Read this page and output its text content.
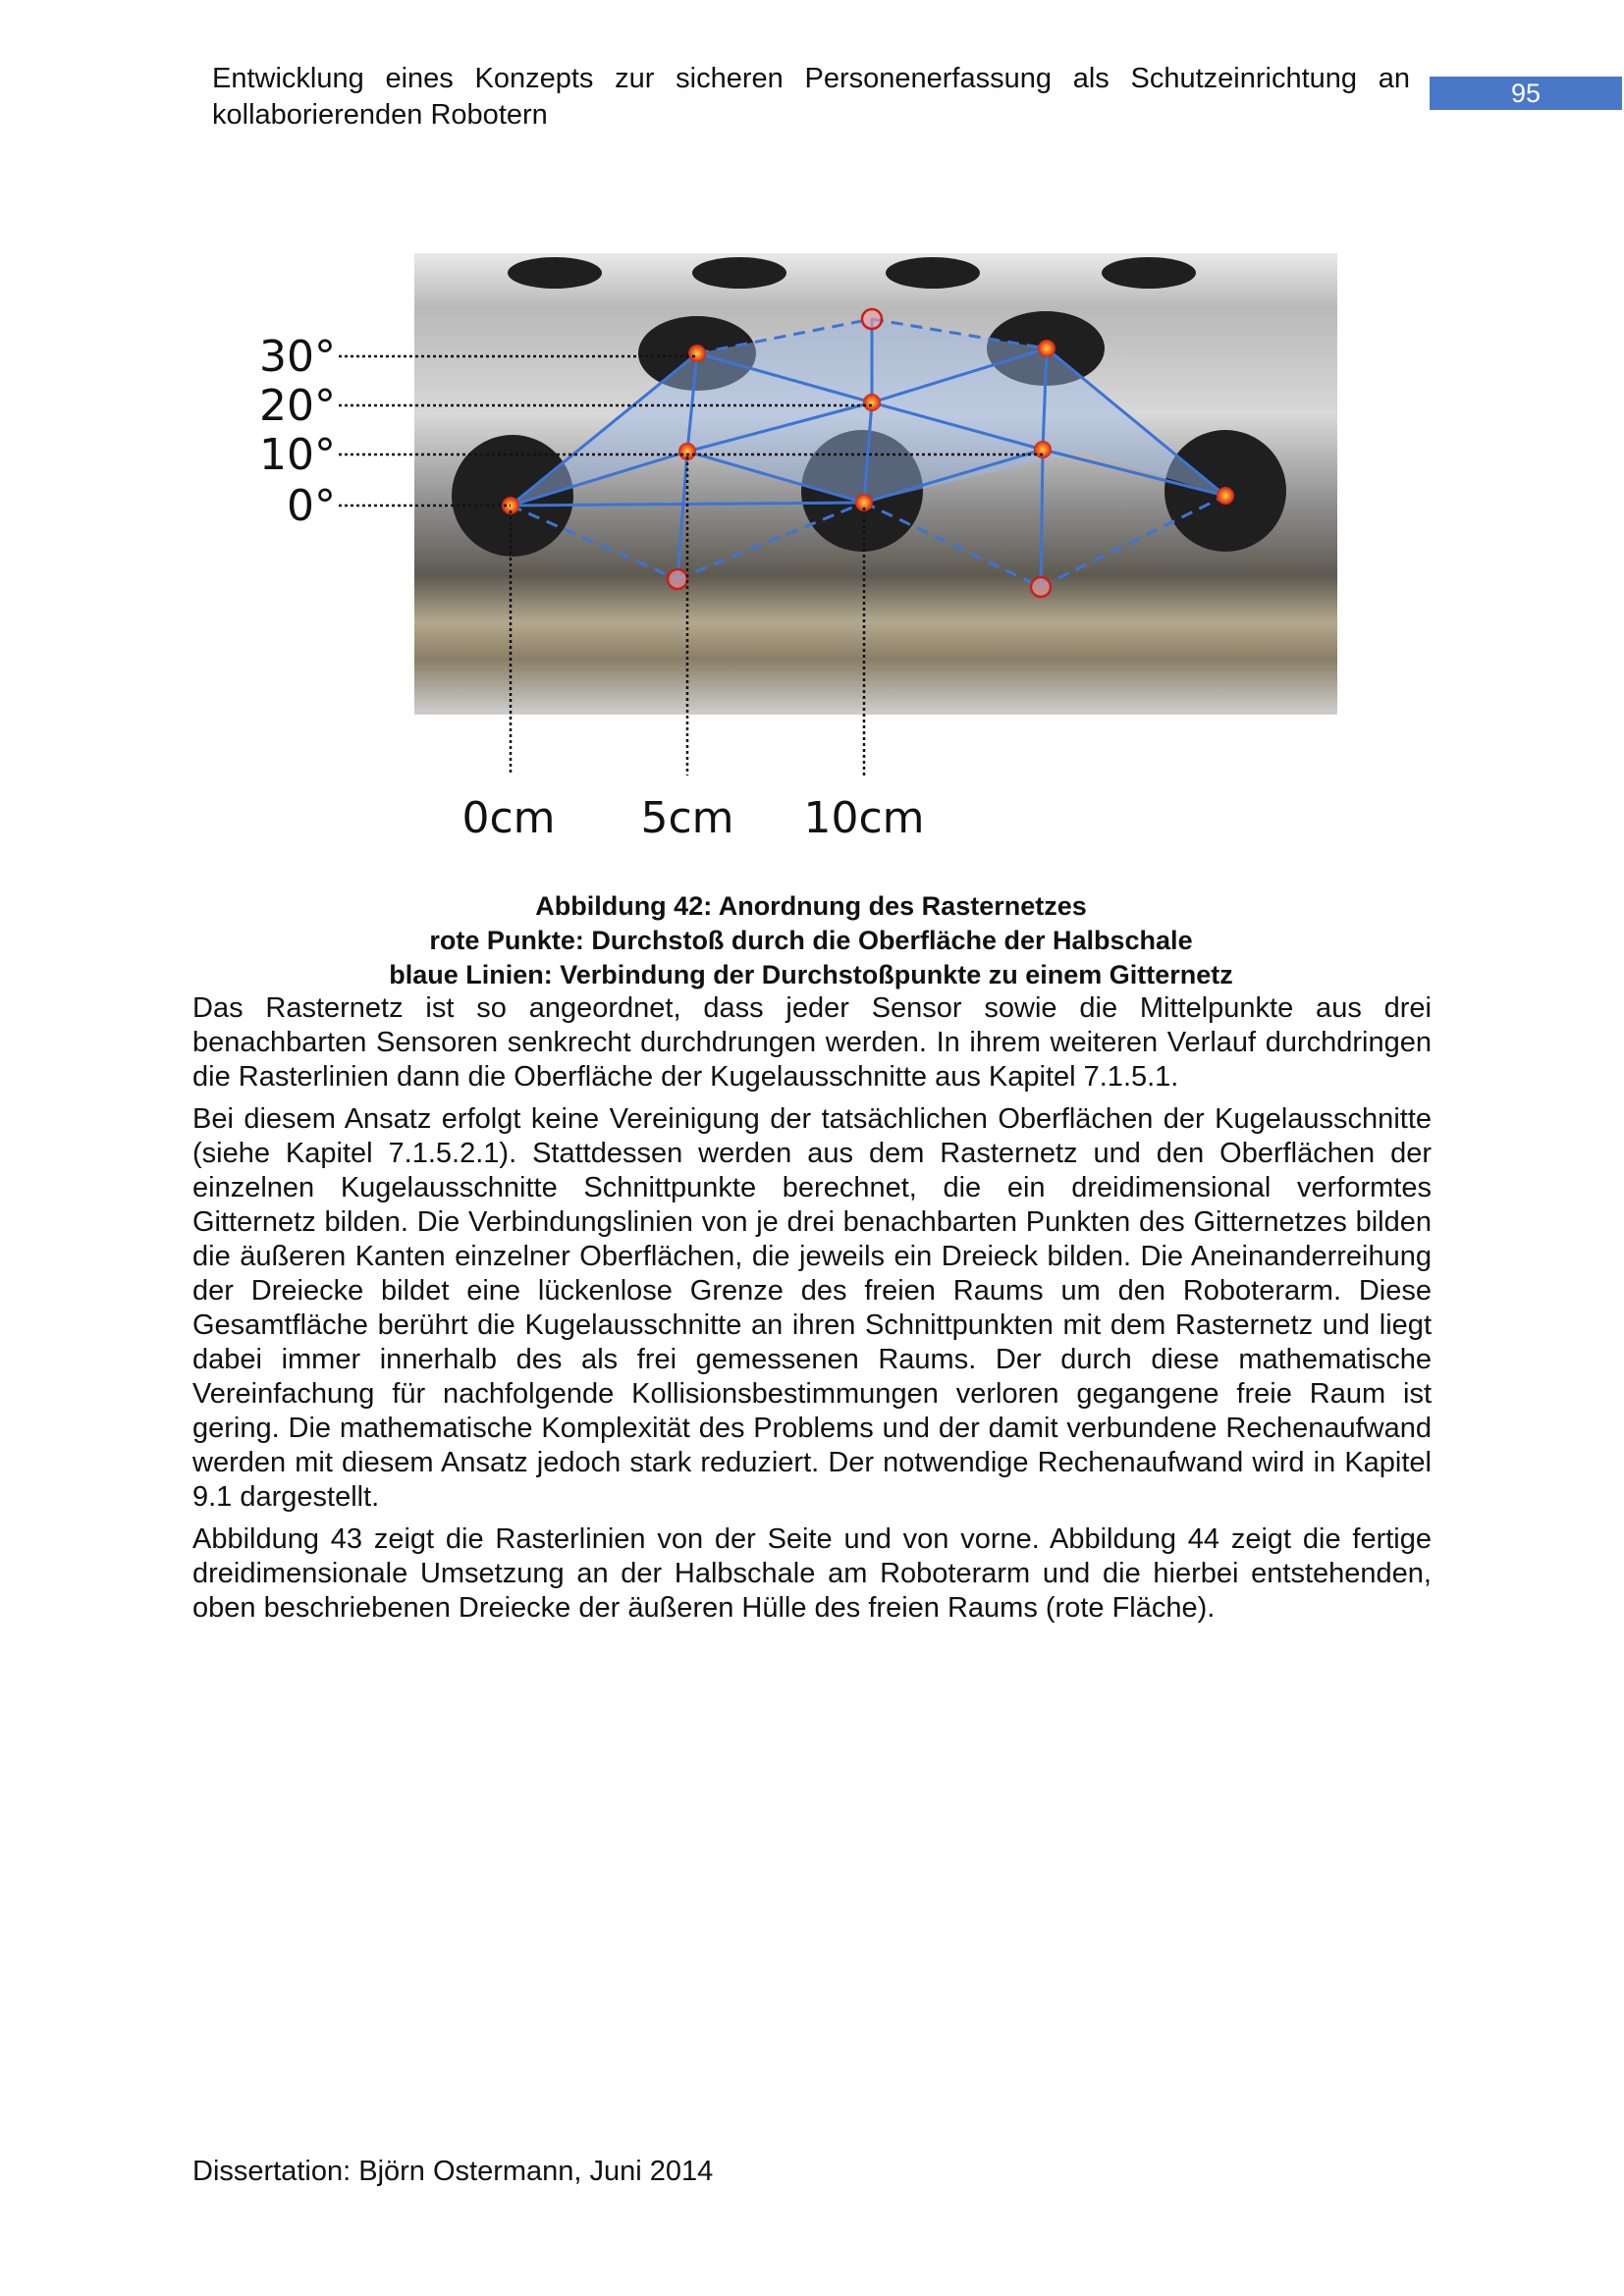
Entwicklung eines Konzepts zur sicheren Personenerfassung als Schutzeinrichtung an kollaborierenden Robotern
95
30°
20°
10°
0°
0cm 5cm 10cm
Abbildung 42: Anordnung des Rasternetzes
rote Punkte: Durchstoß durch die Oberfläche der Halbschale
blaue Linien: Verbindung der Durchstoßpunkte zu einem Gitternetz

Das Rasternetz ist so angeordnet, dass jeder Sensor sowie die Mittelpunkte aus drei benachbarten Sensoren senkrecht durchdrungen werden. In ihrem weiteren Verlauf durchdringen die Rasterlinien dann die Oberfläche der Kugelausschnitte aus Kapitel 7.1.5.1.

Bei diesem Ansatz erfolgt keine Vereinigung der tatsächlichen Oberflächen der Kugelausschnitte (siehe Kapitel 7.1.5.2.1). Stattdessen werden aus dem Rasternetz und den Oberflächen der einzelnen Kugelausschnitte Schnittpunkte berechnet, die ein dreidimensional verformtes Gitternetz bilden. Die Verbindungslinien von je drei benachbarten Punkten des Gitternetzes bilden die äußeren Kanten einzelner Oberflächen, die jeweils ein Dreieck bilden. Die Aneinanderreihung der Dreiecke bildet eine lückenlose Grenze des freien Raums um den Roboterarm. Diese Gesamtfläche berührt die Kugelausschnitte an ihren Schnittpunkten mit dem Rasternetz und liegt dabei immer innerhalb des als frei gemessenen Raums. Der durch diese mathematische Vereinfachung für nachfolgende Kollisionsbestimmungen verloren gegangene freie Raum ist gering. Die mathematische Komplexität des Problems und der damit verbundene Rechenaufwand werden mit diesem Ansatz jedoch stark reduziert. Der notwendige Rechenaufwand wird in Kapitel 9.1 dargestellt.

Abbildung 43 zeigt die Rasterlinien von der Seite und von vorne. Abbildung 44 zeigt die fertige dreidimensionale Umsetzung an der Halbschale am Roboterarm und die hierbei entstehenden, oben beschriebenen Dreiecke der äußeren Hülle des freien Raums (rote Fläche).

Dissertation: Björn Ostermann, Juni 2014
